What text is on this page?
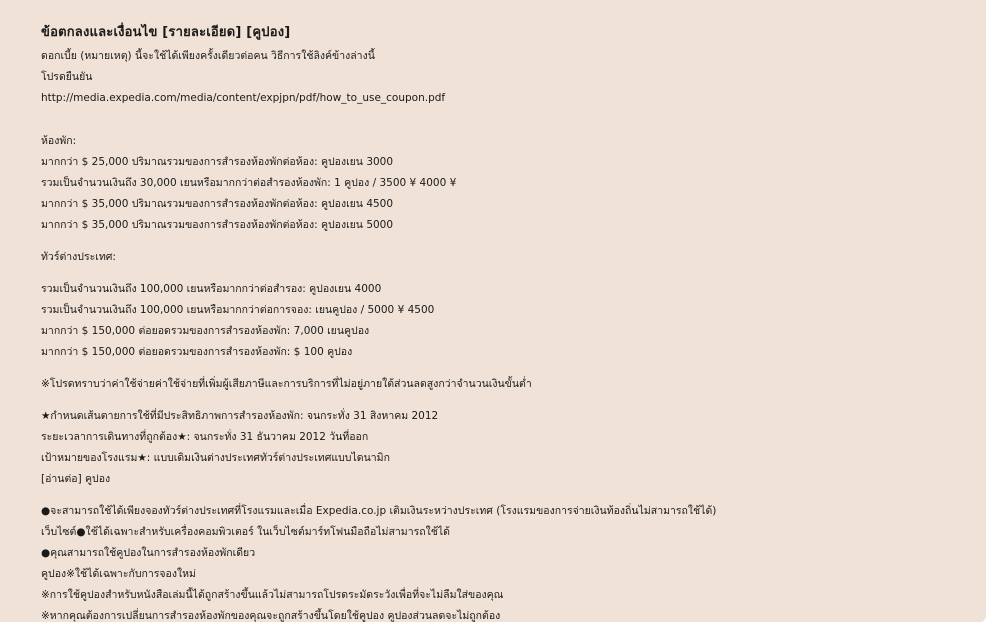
ข้อตกลงและเงื่อนไข [รายละเอียด] [คูปอง]
ดอกเบี้ย (หมายเหตุ) นี้จะใช้ได้เพียงครั้งเดียวต่อคน วิธีการใช้ลิงค์ข้างล่างนี้
โปรดยืนยัน
http://media.expedia.com/media/content/expjpn/pdf/how_to_use_coupon.pdf
ห้องพัก:
มากกว่า $ 25,000 ปริมาณรวมของการสำรองห้องพักต่อห้อง: คูปองเยน 3000
รวมเป็นจำนวนเงินถึง 30,000 เยนหรือมากกว่าต่อสำรองห้องพัก: 1 คูปอง / 3500 ¥ 4000 ¥
มากกว่า $ 35,000 ปริมาณรวมของการสำรองห้องพักต่อห้อง: คูปองเยน 4500
มากกว่า $ 35,000 ปริมาณรวมของการสำรองห้องพักต่อห้อง: คูปองเยน 5000
ทัวร์ต่างประเทศ:
รวมเป็นจำนวนเงินถึง 100,000 เยนหรือมากกว่าต่อสำรอง: คูปองเยน 4000
รวมเป็นจำนวนเงินถึง 100,000 เยนหรือมากกว่าต่อการจอง: เยนคูปอง / 5000 ¥ 4500
มากกว่า $ 150,000 ต่อยอดรวมของการสำรองห้องพัก: 7,000 เยนคูปอง
มากกว่า $ 150,000 ต่อยอดรวมของการสำรองห้องพัก: $ 100 คูปอง
※โปรดทราบว่าค่าใช้จ่ายค่าใช้จ่ายที่เพิ่มผู้เสียภาษีและการบริการที่ไม่อยู่ภายใต้ส่วนลดสูงกว่าจำนวนเงินขั้นต่ำ
★กำหนดเส้นตายการใช้ที่มีประสิทธิภาพการสำรองห้องพัก: จนกระทั่ง 31 สิงหาคม 2012
ระยะเวลาการเดินทางที่ถูกต้อง★: จนกระทั่ง 31 ธันวาคม 2012 วันที่ออก
เป้าหมายของโรงแรม★: แบบเดิมเงินต่างประเทศทัวร์ต่างประเทศแบบไดนามิก
[อ่านต่อ] คูปอง
●จะสามารถใช้ได้เพียงจองทัวร์ต่างประเทศที่โรงแรมและเมื่อ Expedia.co.jp เติมเงินระหว่างประเทศ (โรงแรมของการจ่ายเงินท้องถิ่นไม่สามารถใช้ได้)
เว็บไซต์●ใช้ได้เฉพาะสำหรับเครื่องคอมพิวเตอร์ ในเว็บไซต์มาร์ทโฟนมือถือไม่สามารถใช้ได้
●คุณสามารถใช้คูปองในการสำรองห้องพักเดียว
คูปอง※ใช้ได้เฉพาะกับการจองใหม่
※การใช้คูปองสำหรับหนังสือเล่มนี้ได้ถูกสร้างขึ้นแล้วไม่สามารถโปรดระมัดระวังเพื่อที่จะไม่ลืมใส่ของคุณ
※หากคุณต้องการเปลี่ยนการสำรองห้องพักของคุณจะถูกสร้างขึ้นโดยใช้คูปอง คูปองส่วนลดจะไม่ถูกต้อง
